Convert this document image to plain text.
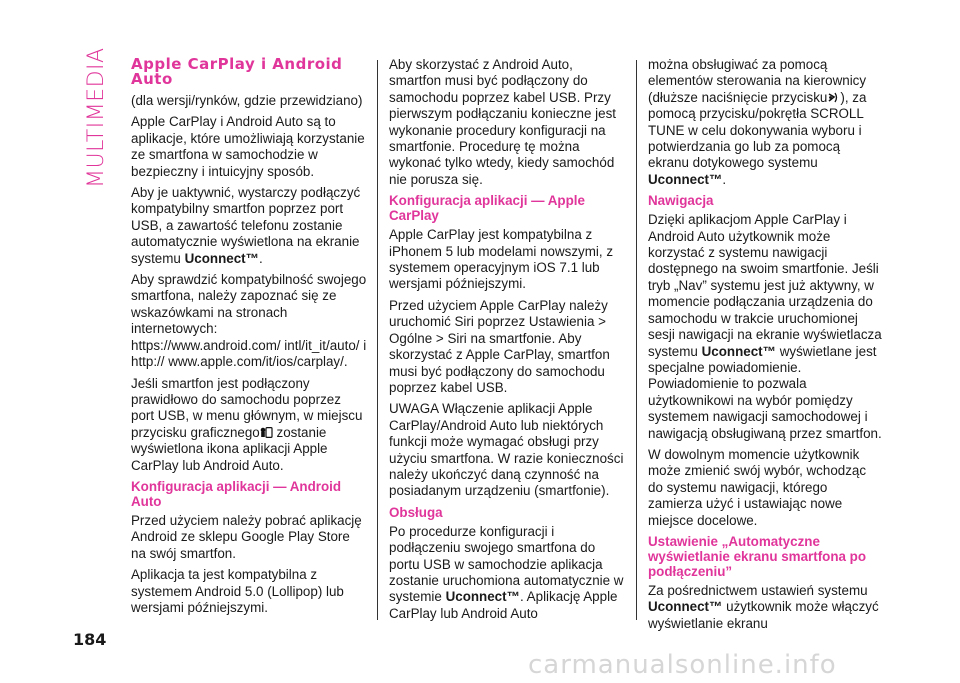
MULTIMEDIA Apple CarPlay i Android Auto

(dla wersji/rynków, gdzie przewidziano)

Apple CarPlay i Android Auto są to aplikacje, które umożliwiają korzystanie ze smartfona w samochodzie w bezpieczny i intuicyjny sposób.

Aby je uaktywnić, wystarczy podłączyć kompatybilny smartfon poprzez port USB, a zawartość telefonu zostanie automatycznie wyświetlona na ekranie systemu Uconnect™.

Aby sprawdzić kompatybilność swojego smartfona, należy zapoznać się ze wskazówkami na stronach internetowych: https://www.android.com/ intl/it_it/auto/ i http:// www.apple.com/it/ios/carplay/.

Jeśli smartfon jest podłączony prawidłowo do samochodu poprzez port USB, w menu głównym, w miejscu przycisku graficznego zostanie wyświetlona ikona aplikacji Apple CarPlay lub Android Auto.

Konfiguracja aplikacji — Android Auto

Przed użyciem należy pobrać aplikację Android ze sklepu Google Play Store na swój smartfon.

Aplikacja ta jest kompatybilna z systemem Android 5.0 (Lollipop) lub wersjami późniejszymi.

Aby skorzystać z Android Auto, smartfon musi być podłączony do samochodu poprzez kabel USB. Przy pierwszym podłączaniu konieczne jest wykonanie procedury konfiguracji na smartfonie. Procedurę tę można wykonać tylko wtedy, kiedy samochód nie porusza się.

Konfiguracja aplikacji — Apple CarPlay

Apple CarPlay jest kompatybilna z iPhonem 5 lub modelami nowszymi, z systemem operacyjnym iOS 7.1 lub wersjami późniejszymi.

Przed użyciem Apple CarPlay należy uruchomić Siri poprzez Ustawienia > Ogólne > Siri na smartfonie. Aby skorzystać z Apple CarPlay, smartfon musi być podłączony do samochodu poprzez kabel USB.

UWAGA Włączenie aplikacji Apple CarPlay/Android Auto lub niektórych funkcji może wymagać obsługi przy użyciu smartfona. W razie konieczności należy ukończyć daną czynność na posiadanym urządzeniu (smartfonie).

Obsługa

Po procedurze konfiguracji i podłączeniu swojego smartfona do portu USB w samochodzie aplikacja zostanie uruchomiona automatycznie w systemie Uconnect™. Aplikację Apple CarPlay lub Android Auto

można obsługiwać za pomocą elementów sterowania na kierownicy (dłuższe naciśnięcie przycisku ), za pomocą przycisku/pokrętła SCROLL TUNE w celu dokonywania wyboru i potwierdzania go lub za pomocą ekranu dotykowego systemu
Uconnect™.

Nawigacja

Dzięki aplikacjom Apple CarPlay i Android Auto użytkownik może korzystać z systemu nawigacji dostępnego na swoim smartfonie. Jeśli tryb „Nav” systemu jest już aktywny, w momencie podłączania urządzenia do samochodu w trakcie uruchomionej sesji nawigacji na ekranie wyświetlacza systemu Uconnect™ wyświetlane jest specjalne powiadomienie. Powiadomienie to pozwala użytkownikowi na wybór pomiędzy systemem nawigacji samochodowej i nawigacją obsługiwaną przez smartfon.

W dowolnym momencie użytkownik może zmienić swój wybór, wchodząc do systemu nawigacji, którego zamierza użyć i ustawiając nowe miejsce docelowe.

Ustawienie „Automatyczne wyświetlanie ekranu smartfona po podłączeniu”

Za pośrednictwem ustawień systemu Uconnect™ użytkownik może włączyć wyświetlanie ekranu

184
carmanualsonline.info
